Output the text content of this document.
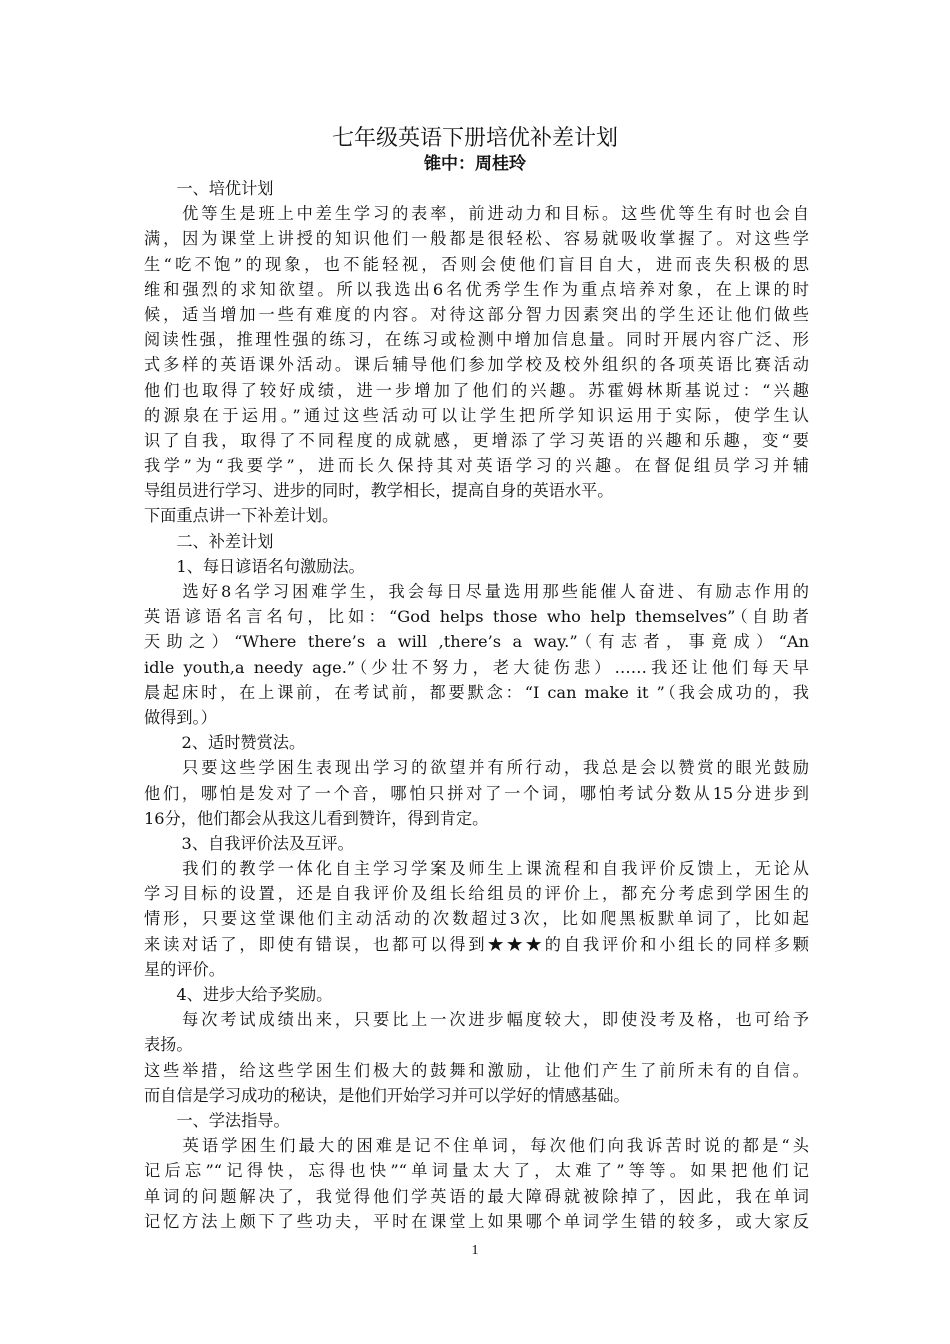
七年级英语下册培优补差计划
锥中：周桂玲
　　一、培优计划
　　优等生是班上中差生学习的表率，前进动力和目标。这些优等生有时也会自
满，因为课堂上讲授的知识他们一般都是很轻松、容易就吸收掌握了。对这些学
生“吃不饱”的现象，也不能轻视，否则会使他们盲目自大，进而丧失积极的思
维和强烈的求知欲望。所以我选出6名优秀学生作为重点培养对象，在上课的时
候，适当增加一些有难度的内容。对待这部分智力因素突出的学生还让他们做些
阅读性强，推理性强的练习，在练习或检测中增加信息量。同时开展内容广泛、形
式多样的英语课外活动。课后辅导他们参加学校及校外组织的各项英语比赛活动
他们也取得了较好成绩，进一步增加了他们的兴趣。苏霍姆林斯基说过：“兴趣
的源泉在于运用。”通过这些活动可以让学生把所学知识运用于实际，使学生认
识了自我，取得了不同程度的成就感，更增添了学习英语的兴趣和乐趣，变“要
我学”为“我要学”，进而长久保持其对英语学习的兴趣。在督促组员学习并辅
导组员进行学习、进步的同时，教学相长，提高自身的英语水平。
下面重点讲一下补差计划。
　　二、补差计划
　　1、每日谚语名句激励法。
　　选好8名学习困难学生，我会每日尽量选用那些能催人奋进、有励志作用的
英语谚语名言名句，比如：“God helps those who help themselves”（自助者
天助之）“Where there’s a will ,there’s a way.”（有志者，事竟成）“An
idle youth,a needy age.”（少壮不努力，老大徒伤悲）……我还让他们每天早
晨起床时，在上课前，在考试前，都要默念：“I can make it ”（我会成功的，我
做得到。）
　　 2、适时赞赏法。
　　只要这些学困生表现出学习的欲望并有所行动，我总是会以赞赏的眼光鼓励
他们，哪怕是发对了一个音，哪怕只拼对了一个词，哪怕考试分数从15分进步到
16分，他们都会从我这儿看到赞许，得到肯定。
　　 3、自我评价法及互评。
　　我们的教学一体化自主学习学案及师生上课流程和自我评价反馈上，无论从
学习目标的设置，还是自我评价及组长给组员的评价上，都充分考虑到学困生的
情形，只要这堂课他们主动活动的次数超过3次，比如爬黑板默单词了，比如起
来读对话了，即使有错误，也都可以得到★★★的自我评价和小组长的同样多颗
星的评价。
　　4、进步大给予奖励。
　　每次考试成绩出来，只要比上一次进步幅度较大，即使没考及格，也可给予
表扬。
这些举措，给这些学困生们极大的鼓舞和激励，让他们产生了前所未有的自信。
而自信是学习成功的秘诀，是他们开始学习并可以学好的情感基础。
　　一、学法指导。
　　英语学困生们最大的困难是记不住单词，每次他们向我诉苦时说的都是“头
记后忘”“记得快，忘得也快”“单词量太大了，太难了”等等。如果把他们记
单词的问题解决了，我觉得他们学英语的最大障碍就被除掉了，因此，我在单词
记忆方法上颇下了些功夫，平时在课堂上如果哪个单词学生错的较多，或大家反
1
